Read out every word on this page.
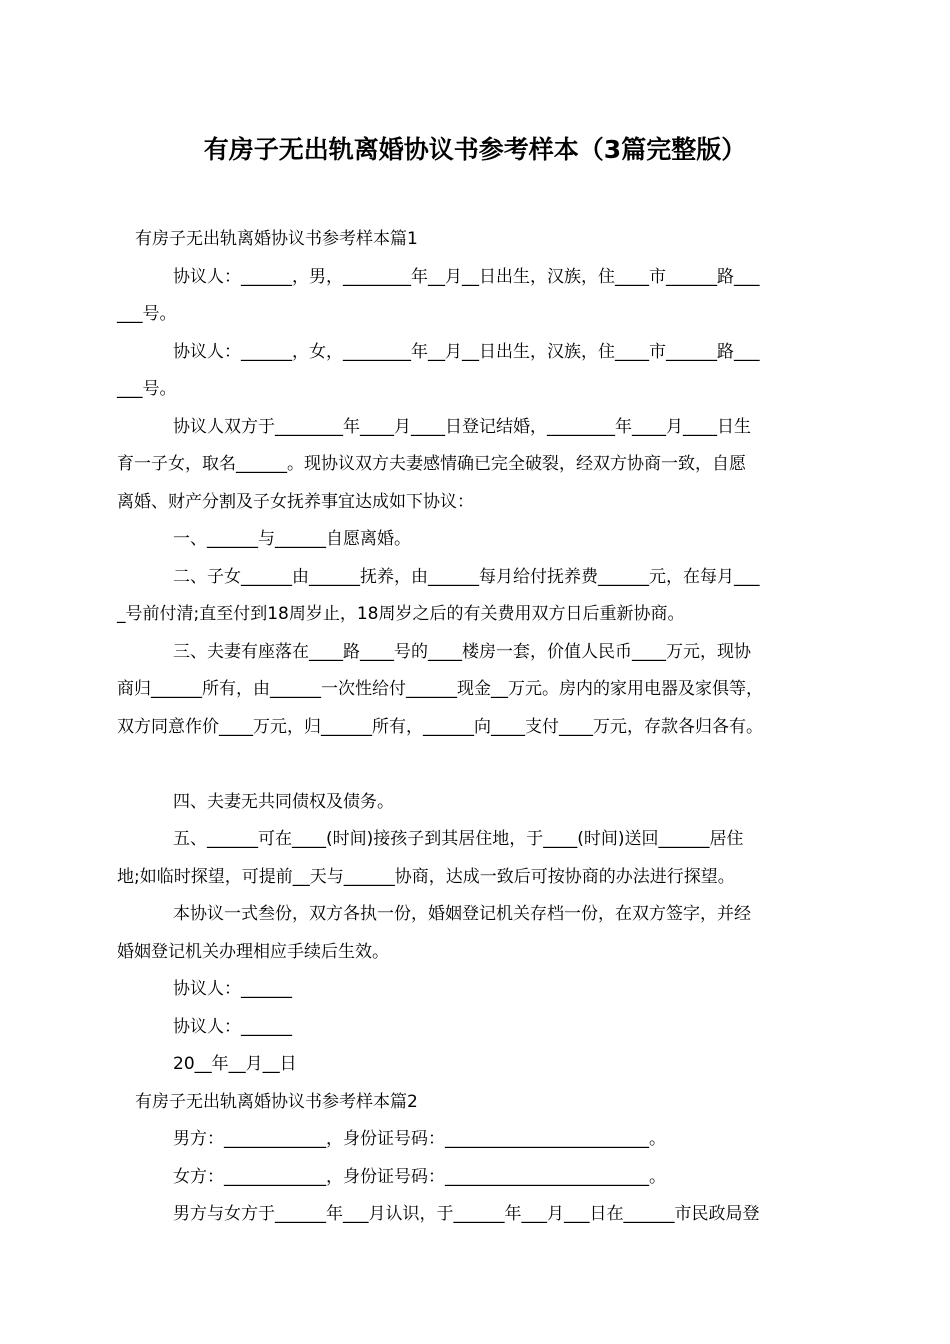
有房子无出轨离婚协议书参考样本（3篇完整版）

有房子无出轨离婚协议书参考样本篇1

协议人：______，男，________年__月__日出生，汉族，住____市______路___

___号。

协议人：______，女，________年__月__日出生，汉族，住____市______路___

___号。

协议人双方于________年____月____日登记结婚，________年____月____日生

育一子女，取名______。现协议双方夫妻感情确已完全破裂，经双方协商一致，自愿

离婚、财产分割及子女抚养事宜达成如下协议：

一、______与______自愿离婚。

二、子女______由______抚养，由______每月给付抚养费______元，在每月___

_号前付清;直至付到18周岁止，18周岁之后的有关费用双方日后重新协商。

三、夫妻有座落在____路____号的____楼房一套，价值人民币____万元，现协

商归______所有，由______一次性给付______现金__万元。房内的家用电器及家俱等，

双方同意作价____万元，归______所有，______向____支付____万元，存款各归各有。

四、夫妻无共同债权及债务。

五、______可在____(时间)接孩子到其居住地，于____(时间)送回______居住

地;如临时探望，可提前__天与______协商，达成一致后可按协商的办法进行探望。

本协议一式叁份，双方各执一份，婚姻登记机关存档一份，在双方签字，并经

婚姻登记机关办理相应手续后生效。

协议人：______

协议人：______

20__年__月__日

有房子无出轨离婚协议书参考样本篇2

男方：____________，身份证号码：________________________。

女方：____________，身份证号码：________________________。

男方与女方于______年___月认识，于______年___月___日在______市民政局登
